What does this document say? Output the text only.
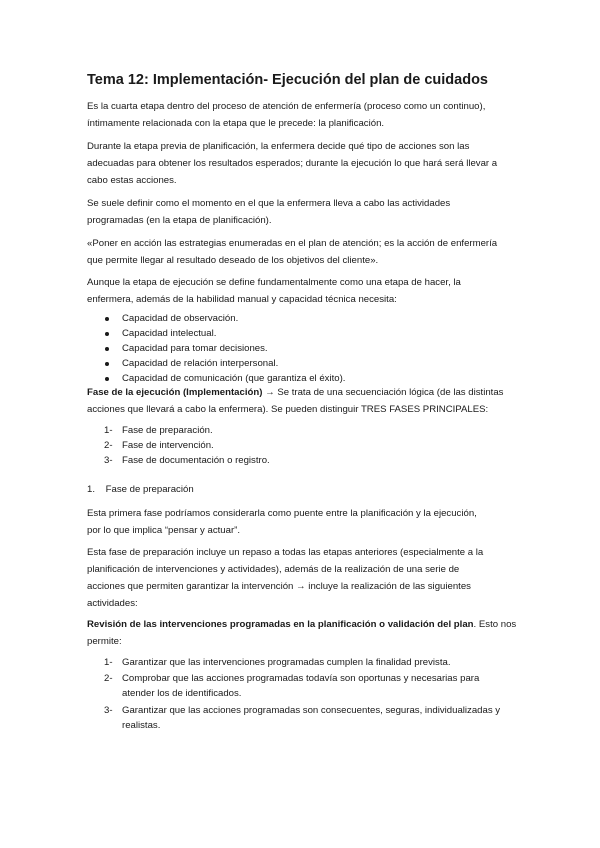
Tema 12: Implementación- Ejecución del plan de cuidados

Es la cuarta etapa dentro del proceso de atención de enfermería (proceso como un continuo),

íntimamente relacionada con la etapa que le precede: la planificación.

Durante la etapa previa de planificación, la enfermera decide qué tipo de acciones son las

adecuadas para obtener los resultados esperados; durante la ejecución lo que hará será llevar a

cabo estas acciones.

Se suele definir como el momento en el que la enfermera lleva a cabo las actividades

programadas (en la etapa de planificación).

«Poner en acción las estrategias enumeradas en el plan de atención; es la acción de enfermería

que permite llegar al resultado deseado de los objetivos del cliente».

Aunque la etapa de ejecución se define fundamentalmente como una etapa de hacer, la

enfermera, además de la habilidad manual y capacidad técnica necesita:

Capacidad de observación.
Capacidad intelectual.
Capacidad para tomar decisiones.
Capacidad de relación interpersonal.
Capacidad de comunicación (que garantiza el éxito).

Fase de la ejecución (Implementación) → Se trata de una secuenciación lógica (de las distintas

acciones que llevará a cabo la enfermera). Se pueden distinguir TRES FASES PRINCIPALES:

1- Fase de preparación.
2- Fase de intervención.
3- Fase de documentación o registro.

1.    Fase de preparación

Esta primera fase podríamos considerarla como puente entre la planificación y la ejecución,

por lo que implica “pensar y actuar”.

Esta fase de preparación incluye un repaso a todas las etapas anteriores (especialmente a la

planificación de intervenciones y actividades), además de la realización de una serie de

acciones que permiten garantizar la intervención → incluye la realización de las siguientes

actividades:

Revisión de las intervenciones programadas en la planificación o validación del plan. Esto nos

permite:

1- Garantizar que las intervenciones programadas cumplen la finalidad prevista.
2- Comprobar que las acciones programadas todavía son oportunas y necesarias para
atender los de identificados.
3- Garantizar que las acciones programadas son consecuentes, seguras, individualizadas y
realistas.
